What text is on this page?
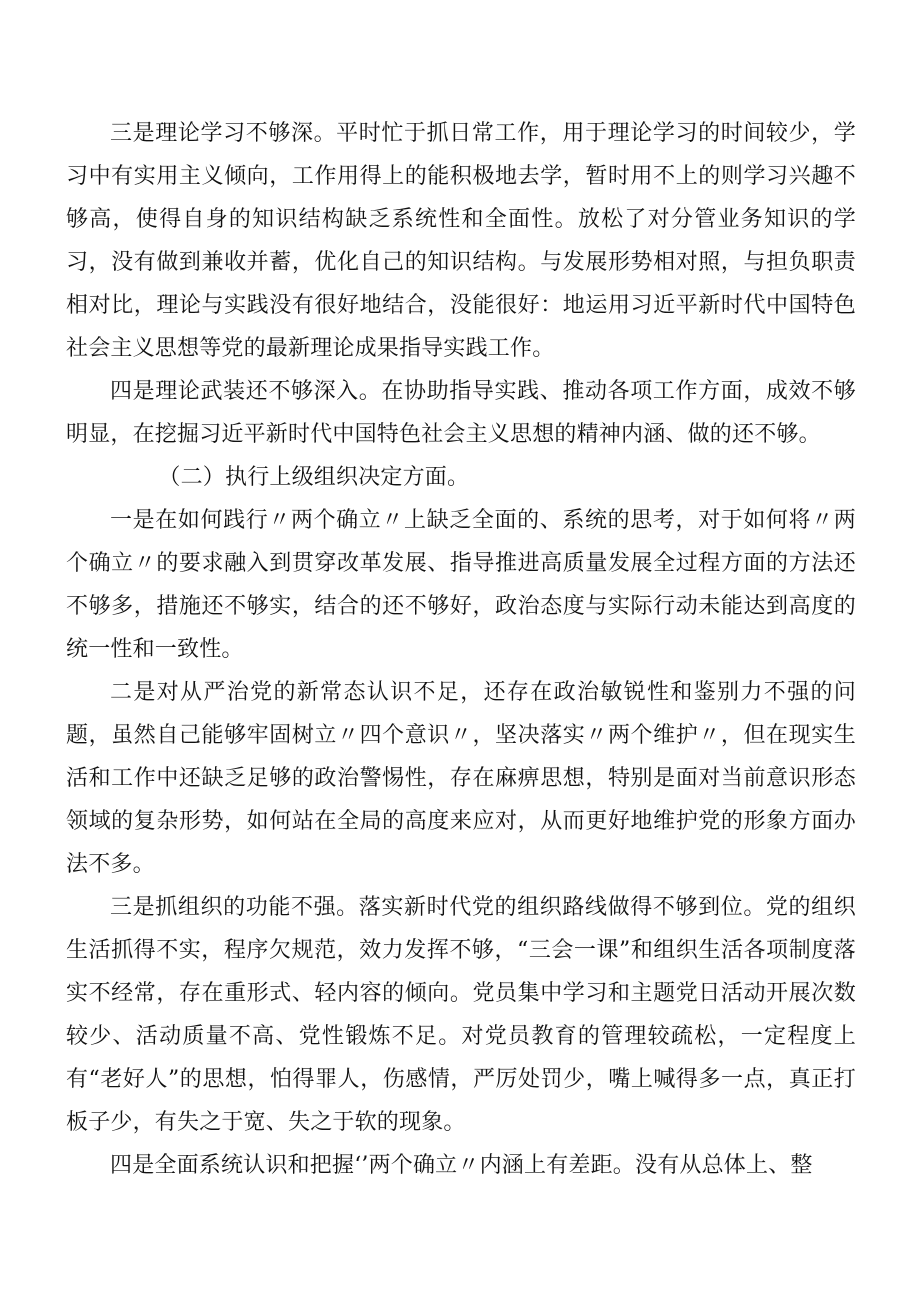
三是理论学习不够深。平时忙于抓日常工作，用于理论学习的时间较少，学习中有实用主义倾向，工作用得上的能积极地去学，暂时用不上的则学习兴趣不够高，使得自身的知识结构缺乏系统性和全面性。放松了对分管业务知识的学习，没有做到兼收并蓄，优化自己的知识结构。与发展形势相对照，与担负职责相对比，理论与实践没有很好地结合，没能很好：地运用习近平新时代中国特色社会主义思想等党的最新理论成果指导实践工作。

四是理论武装还不够深入。在协助指导实践、推动各项工作方面，成效不够明显，在挖掘习近平新时代中国特色社会主义思想的精神内涵、做的还不够。

（二）执行上级组织决定方面。

一是在如何践行〃两个确立〃上缺乏全面的、系统的思考，对于如何将〃两个确立〃的要求融入到贯穿改革发展、指导推进高质量发展全过程方面的方法还不够多，措施还不够实，结合的还不够好，政治态度与实际行动未能达到高度的统一性和一致性。

二是对从严治党的新常态认识不足，还存在政治敏锐性和鉴别力不强的问题，虽然自己能够牢固树立〃四个意识〃，坚决落实〃两个维护〃，但在现实生活和工作中还缺乏足够的政治警惕性，存在麻痹思想，特别是面对当前意识形态领域的复杂形势，如何站在全局的高度来应对，从而更好地维护党的形象方面办法不多。

三是抓组织的功能不强。落实新时代党的组织路线做得不够到位。党的组织生活抓得不实，程序欠规范，效力发挥不够，“三会一课”和组织生活各项制度落实不经常，存在重形式、轻内容的倾向。党员集中学习和主题党日活动开展次数较少、活动质量不高、党性锻炼不足。对党员教育的管理较疏松，一定程度上有“老好人”的思想，怕得罪人，伤感情，严厉处罚少，嘴上喊得多一点，真正打板子少，有失之于宽、失之于软的现象。

四是全面系统认识和把握‘’两个确立〃内涵上有差距。没有从总体上、整
